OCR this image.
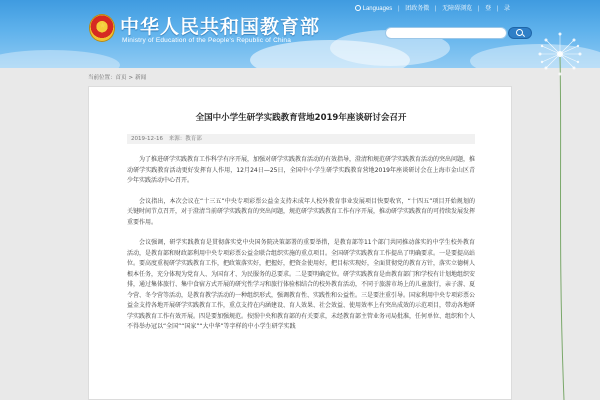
★ 中华人民共和国教育部
Ministry of Education of the People's Republic of China
Languages | 团政务微 | 无障碍浏览 | 登 | 录
当前位置：首页 > 新闻
全国中小学生研学实践教育营地2019年座谈研讨会召开
2019-12-16 来源：教育部

为了推进研学实践教育工作科学有序开展，加强对研学实践教育活动的有效指导，澄清和规范研学实践教育活动的突出问题，推动研学实践教育活动更好发挥育人作用，12月24日—25日，全国中小学生研学实践教育营地2019年座谈研讨会在上海市金山区青少年实践活动中心召开。

会议指出，本次会议在“十三五”中央专项彩票公益金支持未成年人校外教育事业发展项目快要收官，“十四五”项目开始规划的关键时间节点召开，对于澄清当前研学实践教育的突出问题，规范研学实践教育工作有序开展，推动研学实践教育的可持续发展发挥重要作用。

会议强调，研学实践教育是贯彻落实党中央国务院决策部署的重要举措，是教育部等11个部门共同推动落实的中学生校外教育活动，是教育部和财政部利用中央专项彩票公益金联合组织实施的重点项目。全国研学实践教育工作提出了明确要求。一是要提高站位。要高度重视研学实践教育工作，把政策落实好，把握好，把资金使用好，把目标实现好，全面贯彻党的教育方针，落实立德树人根本任务，充分体现为党育人、为国育才、为民服务的总要求。二是要明确定位。研学实践教育是由教育部门和学校有计划地组织安排，通过集体旅行、集中食宿方式开展的研究性学习和旅行体验相结合的校外教育活动，不同于旅游市场上的儿童旅行，亲子游、夏令营、冬令营等活动，是教育教学活动的一种组织形式，强调教育性、实践性和公益性。三是要注重引导。国家利用中央专项彩票公益金支持各地开展研学实践教育工作，重点支持在内涵建设、育人效果、社会效益、使用效率上有突出成效的示范项目，带动各地研学实践教育工作有效开展。四是要加强规范。按照中央和教育部的有关要求，未经教育部主管业务司局批准，任何单位、组织和个人不得举办冠以“全国”“国家”“大中华”等字样的中小学生研学实践
